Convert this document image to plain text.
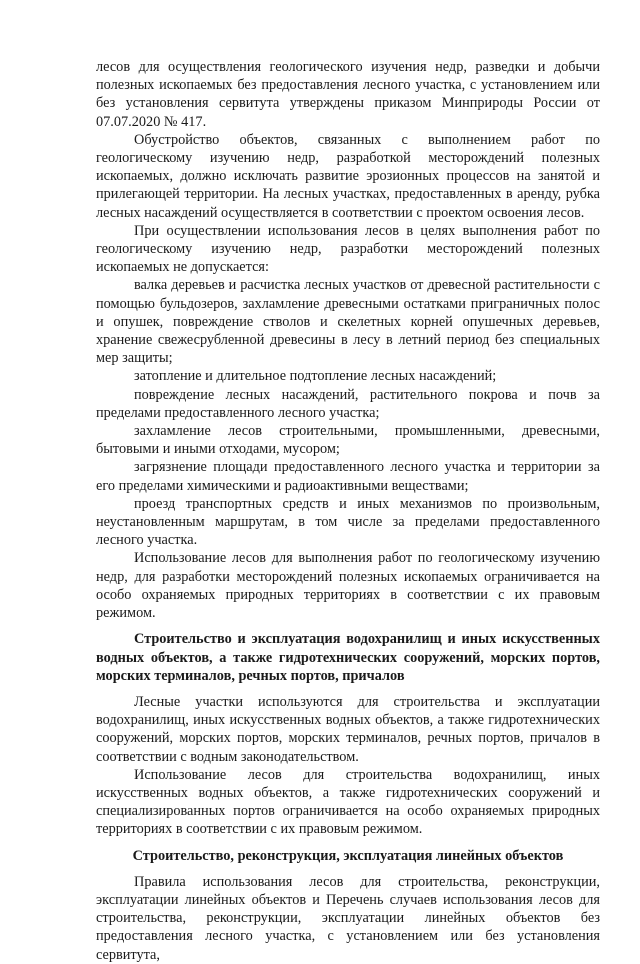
лесов для осуществления геологического изучения недр, разведки и добычи полезных ископаемых без предоставления лесного участка, с установлением или без установления сервитута утверждены приказом Минприроды России от 07.07.2020 № 417.

Обустройство объектов, связанных с выполнением работ по геологическому изучению недр, разработкой месторождений полезных ископаемых, должно исключать развитие эрозионных процессов на занятой и прилегающей территории. На лесных участках, предоставленных в аренду, рубка лесных насаждений осуществляется в соответствии с проектом освоения лесов.

При осуществлении использования лесов в целях выполнения работ по геологическому изучению недр, разработки месторождений полезных ископаемых не допускается:

валка деревьев и расчистка лесных участков от древесной растительности с помощью бульдозеров, захламление древесными остатками приграничных полос и опушек, повреждение стволов и скелетных корней опушечных деревьев, хранение свежесрубленной древесины в лесу в летний период без специальных мер защиты;

затопление и длительное подтопление лесных насаждений;

повреждение лесных насаждений, растительного покрова и почв за пределами предоставленного лесного участка;

захламление лесов строительными, промышленными, древесными, бытовыми и иными отходами, мусором;

загрязнение площади предоставленного лесного участка и территории за его пределами химическими и радиоактивными веществами;

проезд транспортных средств и иных механизмов по произвольным, неустановленным маршрутам, в том числе за пределами предоставленного лесного участка.

Использование лесов для выполнения работ по геологическому изучению недр, для разработки месторождений полезных ископаемых ограничивается на особо охраняемых природных территориях в соответствии с их правовым режимом.

Строительство и эксплуатация водохранилищ и иных искусственных водных объектов, а также гидротехнических сооружений, морских портов, морских терминалов, речных портов, причалов

Лесные участки используются для строительства и эксплуатации водохранилищ, иных искусственных водных объектов, а также гидротехнических сооружений, морских портов, морских терминалов, речных портов, причалов в соответствии с водным законодательством.

Использование лесов для строительства водохранилищ, иных искусственных водных объектов, а также гидротехнических сооружений и специализированных портов ограничивается на особо охраняемых природных территориях в соответствии с их правовым режимом.

Строительство, реконструкция, эксплуатация линейных объектов

Правила использования лесов для строительства, реконструкции, эксплуатации линейных объектов и Перечень случаев использования лесов для строительства, реконструкции, эксплуатации линейных объектов без предоставления лесного участка, с установлением или без установления сервитута,
